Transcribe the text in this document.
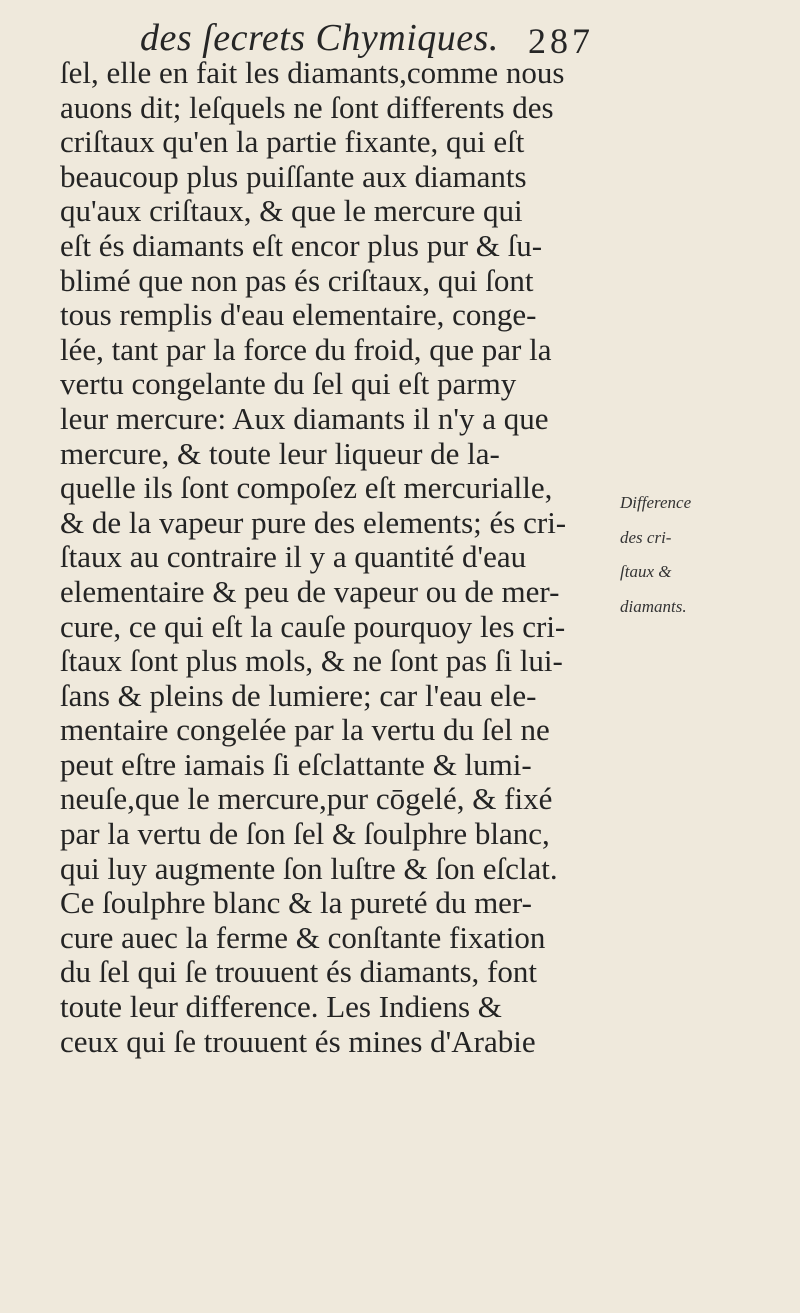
des ſecrets Chymiques. 287
ſel, elle en fait les diamants,comme nous
auons dit; leſquels ne ſont differents des
criſtaux qu'en la partie fixante, qui eſt
beaucoup plus puiſſante aux diamants
qu'aux criſtaux, & que le mercure qui
eſt és diamants eſt encor plus pur & ſu-
blimé que non pas és criſtaux, qui ſont
tous remplis d'eau elementaire, conge-
lée, tant par la force du froid, que par la
vertu congelante du ſel qui eſt parmy
leur mercure: Aux diamants il n'y a que
mercure, & toute leur liqueur de la-
quelle ils ſont compoſez eſt mercurialle,
& de la vapeur pure des elements; és cri-
ſtaux au contraire il y a quantité d'eau
elementaire & peu de vapeur ou de mer-
cure, ce qui eſt la cauſe pourquoy les cri-
ſtaux ſont plus mols, & ne ſont pas ſi lui-
ſans & pleins de lumiere; car l'eau ele-
mentaire congelée par la vertu du ſel ne
peut eſtre iamais ſi eſclattante & lumi-
neuſe,que le mercure,pur cōgelé, & fixé
par la vertu de ſon ſel & ſoulphre blanc,
qui luy augmente ſon luſtre & ſon eſclat.
Ce ſoulphre blanc & la pureté du mer-
cure auec la ferme & conſtante fixation
du ſel qui ſe trouuent és diamants, font
toute leur difference. Les Indiens &
ceux qui ſe trouuent és mines d'Arabie
Difference
des cri-
ſtaux &
diamants.
